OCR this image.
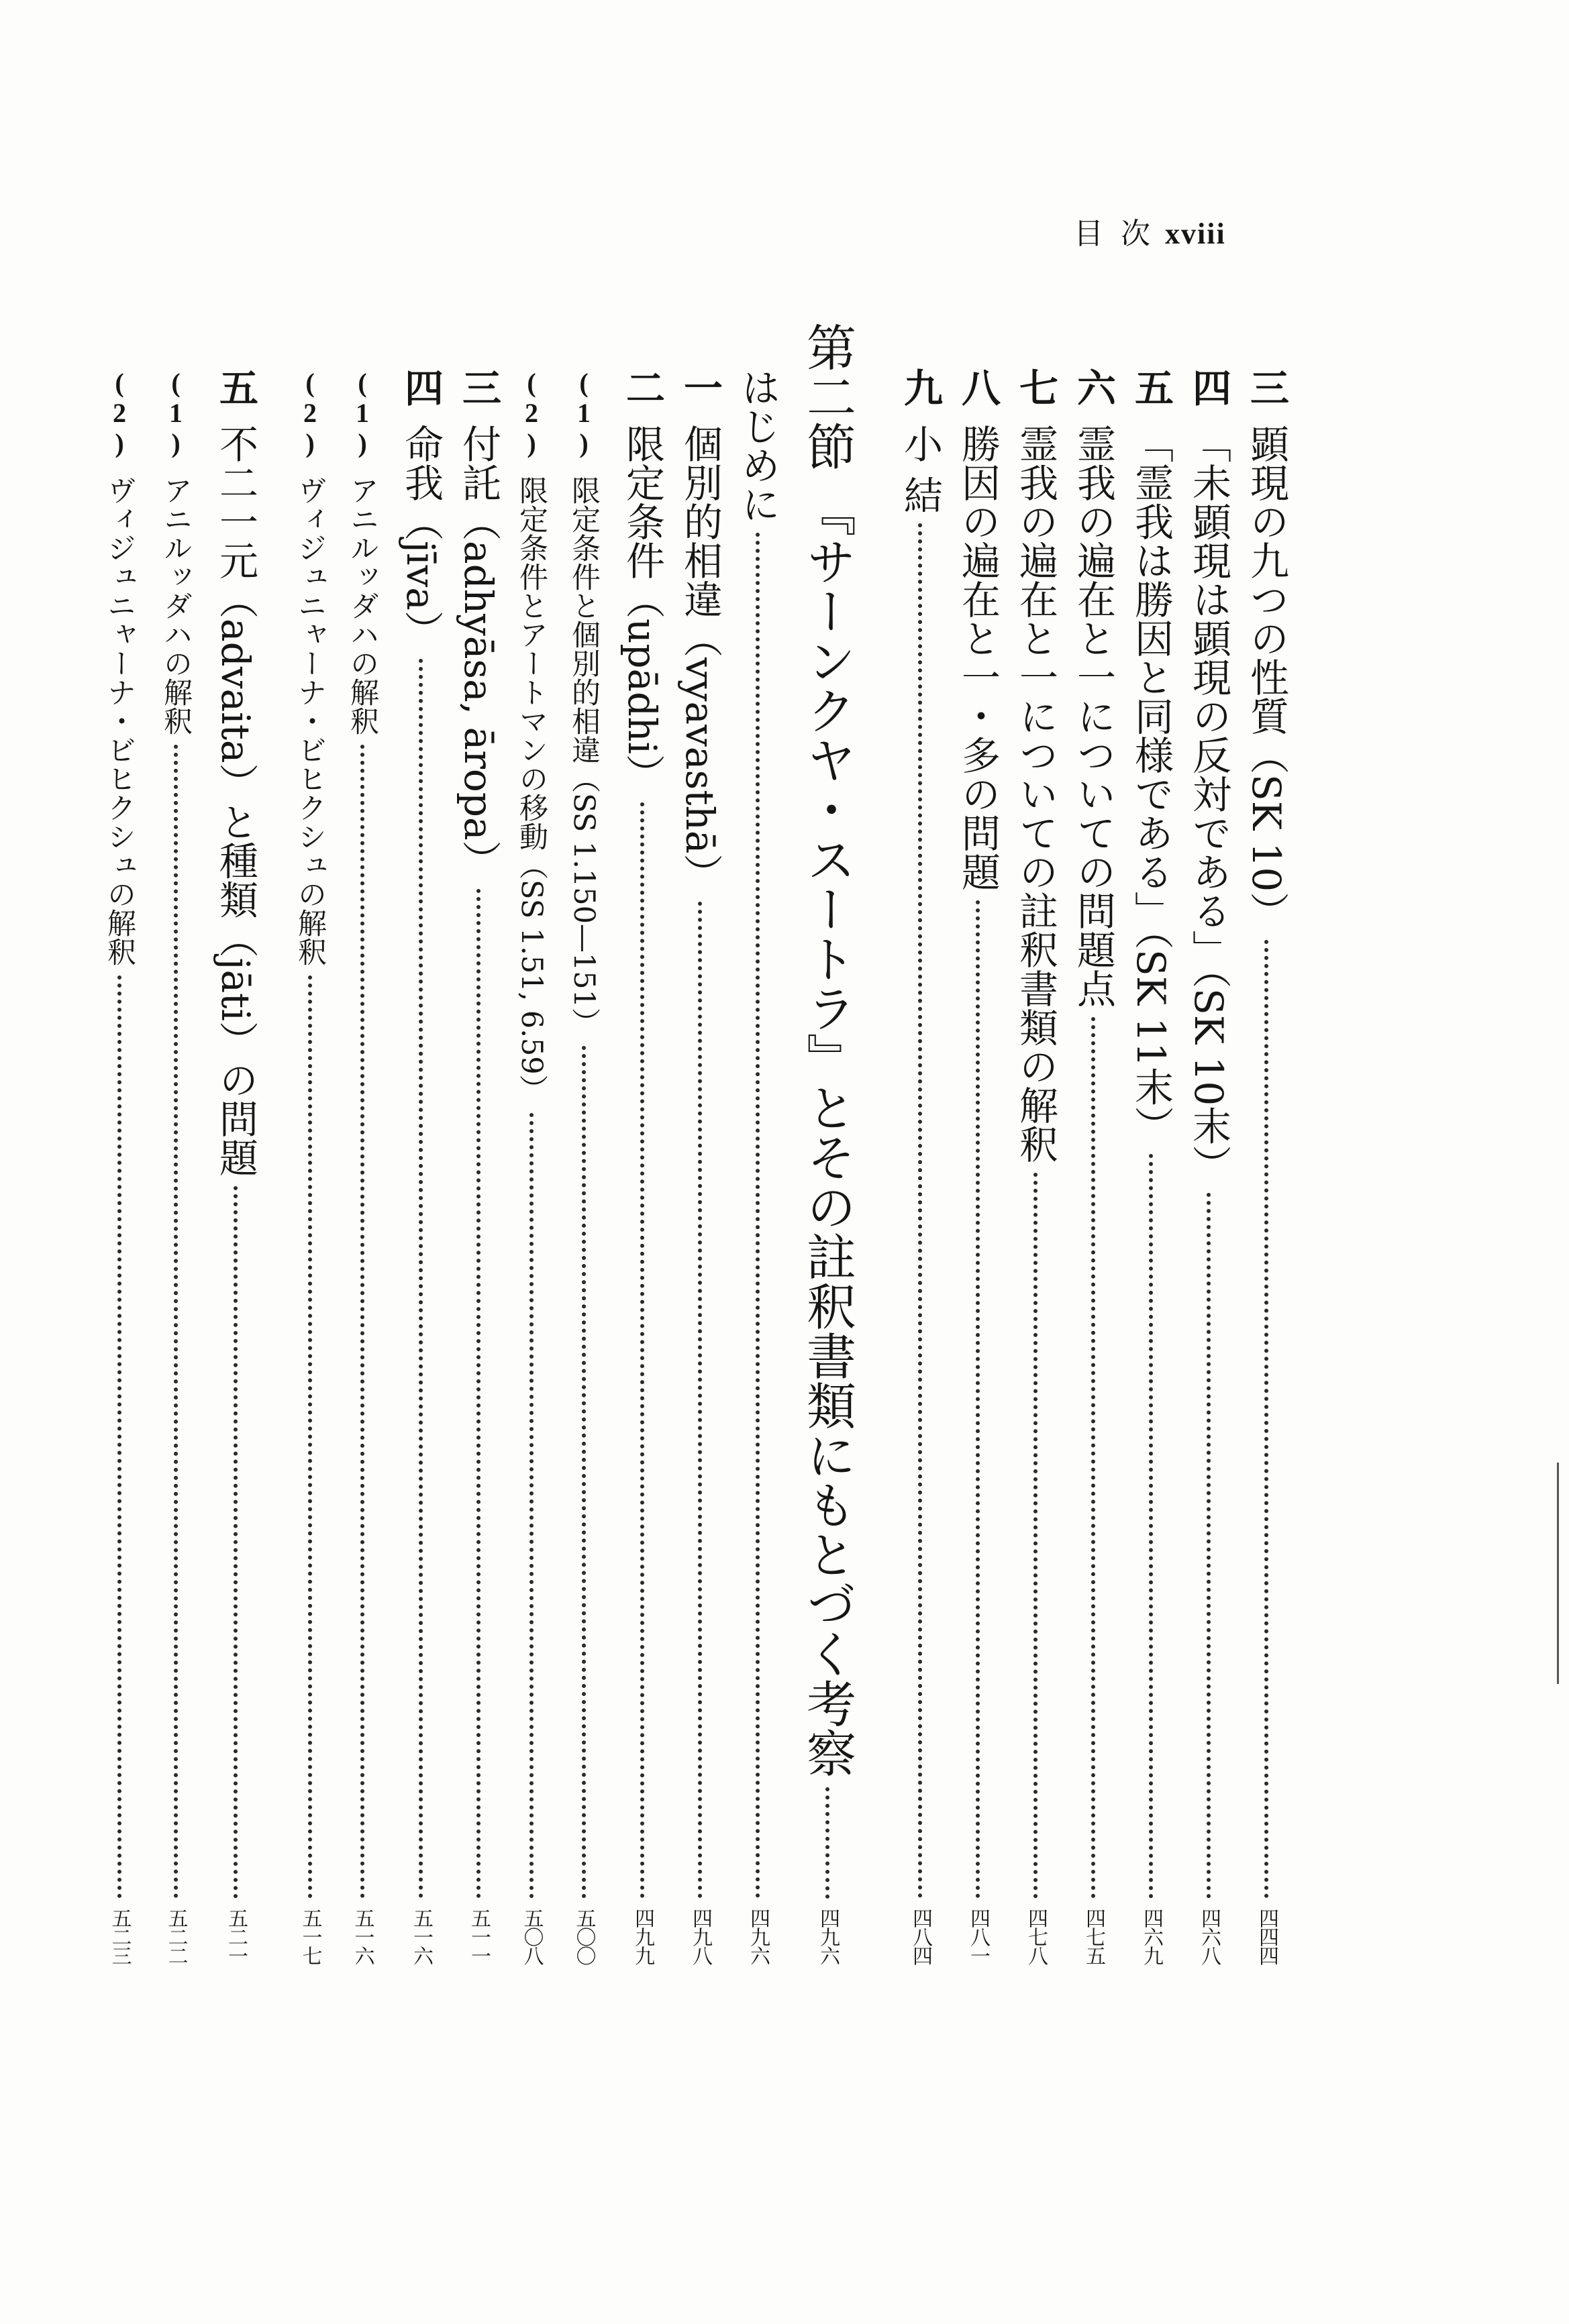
目 次 xviii
三
顕現の九つの性質（SK 10）
四四四
四
「未顕現は顕現の反対である」（SK 10末）
四六八
五
「霊我は勝因と同様である」（SK 11末）
四六九
六
霊我の遍在と一についての問題点
四七五
七
霊我の遍在と一についての註釈書類の解釈
四七八
八
勝因の遍在と一・多の問題
四八一
九
小 結
四八四
第二節 『サーンクヤ・スートラ』とその註釈書類にもとづく考察
四九六
はじめに
四九六
一
個別的相違（vyavasthā）
四九八
二
限定条件（upādhi）
四九九
(1)
限定条件と個別的相違（SS 1.150—151）
五〇〇
(2)
限定条件とアートマンの移動（SS 1.51, 6.59）
五〇八
三
付託（adhyāsa, āropa）
五一一
四
命我（jīva）
五一六
(1)
アニルッダハの解釈
五一六
(2)
ヴィジュニャーナ・ビヒクシュの解釈
五一七
五
不二一元（advaita）と種類（jāti）の問題
五二一
(1)
アニルッダハの解釈
五二二
(2)
ヴィジュニャーナ・ビヒクシュの解釈
五二三
